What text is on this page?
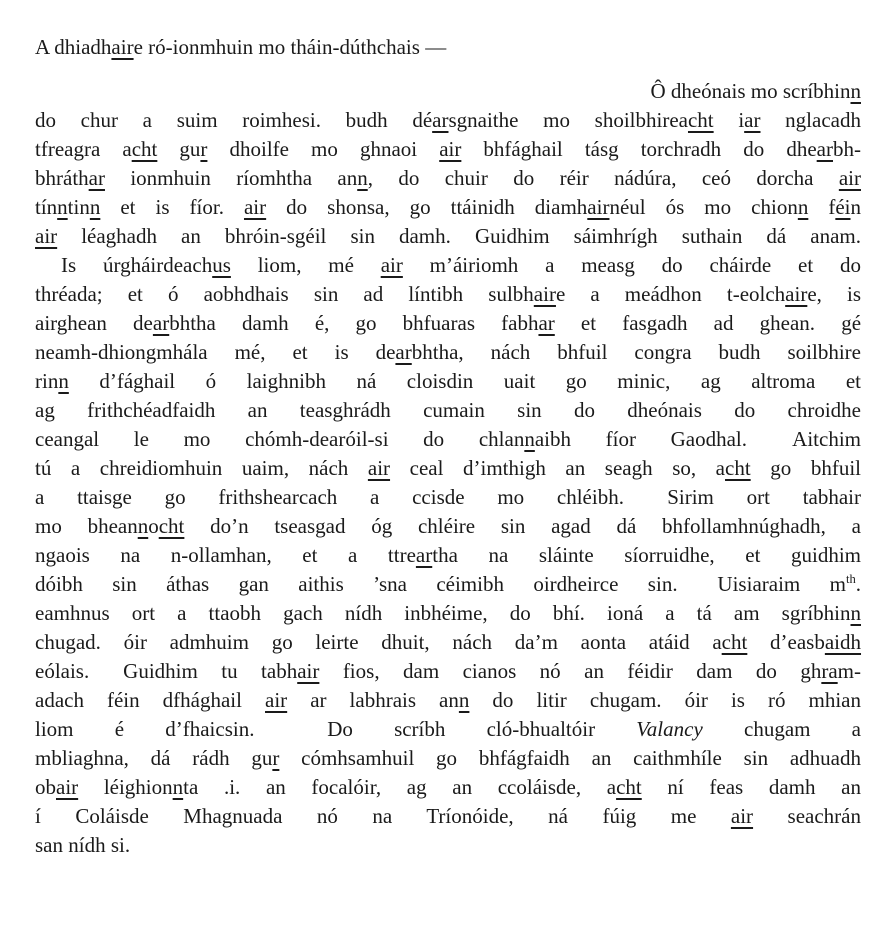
A dhiadhaire ró-ionmhuin mo tháin-dúthchais —
Ô dheónais mo scríbhinn
do chur a suim roimhesi. budh déarsgnaithe mo shoilbhireacht iar nglacadh
tfreagra acht gur dhoilfe mo ghnaoi air bhfághail tásg torchradh do dhearbh-
bhráthar ionmhuin ríomhtha ann, do chuir do réir nádúra, ceó dorcha air
tínntinn et is fíor. air do shonsa, go ttáinidh diamhairnéul ós mo chionn féin
air léaghadh an bhróin-sgéil sin damh. Guidhim sáimhrígh suthain dá anam.
Is úrgháirdeachus liom, mé air m’áiriomh a measg do cháirde et do
thréada; et ó aobhdhais sin ad líntibh sulbhaire a meádhon t-eolchaire, is
airghean dearbhtha damh é, go bhfuaras fabhar et fasgadh ad ghean. gé
neamh-dhiongmhála mé, et is dearbhtha, nách bhfuil congra budh soilbhire
rinn d’fághail ó laighnibh ná cloisdin uait go minic, ag altroma et
ag frithchéadfaidh an teasghrádh cumain sin do dheónais do chroidhe
ceangal le mo chómh-dearóil-si do chlannaibh fíor Gaodhal.  Aitchim
tú a chreidiomhuin uaim, nách air ceal d’imthigh an seagh so, acht go bhfuil
a ttaisge go frithshearcach a ccisde mo chléibh.  Sirim ort tabhair
mo bheannocht do’n tseasgad óg chléire sin agad dá bhfollamhnúghadh, a
ngaois na n-ollamhan, et a ttreartha na sláinte síorruidhe, et guidhim
dóibh sin áthas gan aithis ’sna céimibh oirdheirce sin.  Uisiaraim $m^{th}$.
eamhnus ort a ttaobh gach nídh inbhéime, do bhí. ioná a tá am sgríbhinn
chugad. óir admhuim go leirte dhuit, nách da’m aonta atáid acht d’easbaidh
eólais.  Guidhim tu tabhair fios, dam cianos nó an féidir dam do ghram-
adach féin dfhághail air ar labhrais ann do litir chugam. óir is ró mhian
liom é d’fhaicsin.   Do scríbh cló-bhualtóir Valancy chugam a
mbliaghna, dá rádh gur cómhsamhuil go bhfágfaidh an caithmhíle sin adhuadh
obair léighionnta .i. an focalóir, ag an ccoláisde, acht ní feas damh an
í Coláisde Mhagnuada nó na Tríonóide, ná fúig me air seachrán
san nídh si.
